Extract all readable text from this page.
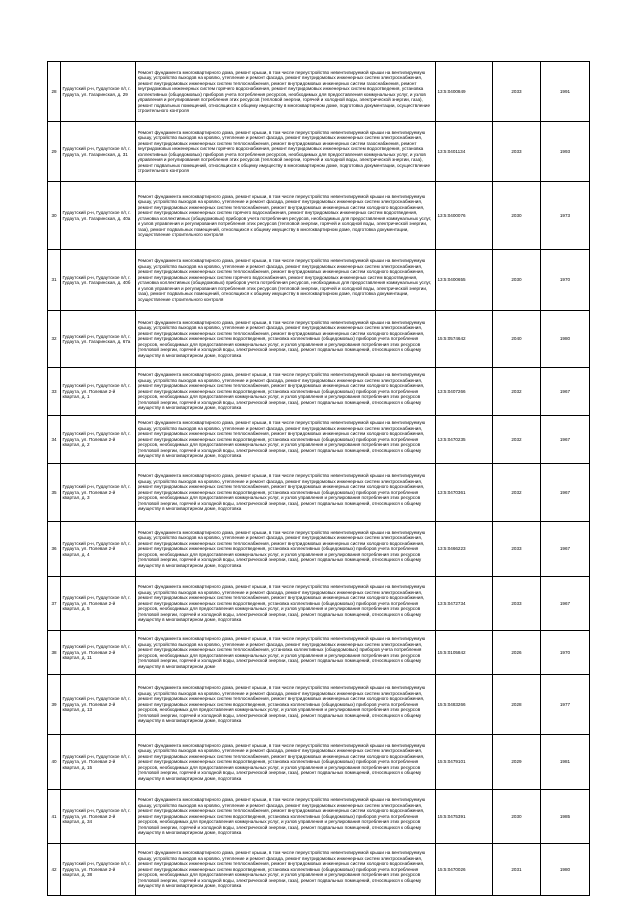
28	Гудаутский р-н, Гудаутское п/г, г. Гудаута, ул. Гагаринская, д. 29	Ремонт фундамента многоквартирного дома, ремонт крыши, в том числе переустройство невентилируемой крыши на вентилируемую крышу, устройство выходов на кровлю, утепление и ремонт фасада, ремонт внутридомовых инженерных систем электроснабжения, ремонт внутридомовых инженерных систем теплоснабжения, ремонт внутридомовых инженерных систем газоснабжения, ремонт внутридомовых инженерных систем горячего водоснабжения, ремонт внутридомовых инженерных систем водоотведения, установка коллективных (общедомовых) приборов учета потребления ресурсов, необходимых для предоставления коммунальных услуг, и узлов управления и регулирования потребления этих ресурсов (тепловой энергии, горячей и холодной воды, электрической энергии, газа), ремонт подвальных помещений, относящихся к общему имуществу в многоквартирном доме, подготовка документации, осуществление строительного контроля	13:5:0400849	2033	1991

29	Гудаутский р-н, Гудаутское п/г, г. Гудаута, ул. Гагаринская, д. 31	Ремонт фундамента многоквартирного дома, ремонт крыши, в том числе переустройство невентилируемой крыши на вентилируемую крышу, устройство выходов на кровлю, утепление и ремонт фасада, ремонт внутридомовых инженерных систем электроснабжения, ремонт внутридомовых инженерных систем теплоснабжения, ремонт внутридомовых инженерных систем газоснабжения, ремонт внутридомовых инженерных систем горячего водоснабжения, ремонт внутридомовых инженерных систем водоотведения, установка коллективных (общедомовых) приборов учета потребления ресурсов, необходимых для предоставления коммунальных услуг, и узлов управления и регулирования потребления этих ресурсов (тепловой энергии, горячей и холодной воды, электрической энергии, газа), ремонт подвальных помещений, относящихся к общему имуществу в многоквартирном доме, подготовка документации, осуществление строительного контроля	13:5:0401134	2033	1993

30	Гудаутский р-н, Гудаутское п/г, г. Гудаута, ул. Гагаринская, д. 40а	Ремонт фундамента многоквартирного дома, ремонт крыши, в том числе переустройство невентилируемой крыши на вентилируемую крышу, устройство выходов на кровлю, утепление и ремонт фасада, ремонт внутридомовых инженерных систем электроснабжения, ремонт внутридомовых инженерных систем теплоснабжения, ремонт внутридомовых инженерных систем холодного водоснабжения, ремонт внутридомовых инженерных систем горячего водоснабжения, ремонт внутридомовых инженерных систем водоотведения, установка коллективных (общедомовых) приборов учета потребления ресурсов, необходимых для предоставления коммунальных услуг, и узлов управления и регулирования потребления этих ресурсов (тепловой энергии, горячей и холодной воды, электрической энергии, газа), ремонт подвальных помещений, относящихся к общему имуществу в многоквартирном доме, подготовка документации, осуществление строительного контроля	13:5:0400076	2030	1973

31	Гудаутский р-н, Гудаутское п/г, г. Гудаута, ул. Гагаринская, д. 40б	Ремонт фундамента многоквартирного дома, ремонт крыши, в том числе переустройство невентилируемой крыши на вентилируемую крышу, устройство выходов на кровлю, утепление и ремонт фасада, ремонт внутридомовых инженерных систем электроснабжения, ремонт внутридомовых инженерных систем теплоснабжения, ремонт внутридомовых инженерных систем холодного водоснабжения, ремонт внутридомовых инженерных систем горячего водоснабжения, ремонт внутридомовых инженерных систем водоотведения, установка коллективных (общедомовых) приборов учета потребления ресурсов, необходимых для предоставления коммунальных услуг, и узлов управления и регулирования потребления этих ресурсов (тепловой энергии, горячей и холодной воды, электрической энергии, газа), ремонт подвальных помещений, относящихся к общему имуществу в многоквартирном доме, подготовка документации, осуществление строительного контроля	13:5:0400655	2030	1970

32	Гудаутский р-н, Гудаутское п/г, г. Гудаута, ул. Гагаринская, д. 67а	Ремонт фундамента многоквартирного дома, ремонт крыши, в том числе переустройство невентилируемой крыши на вентилируемую крышу, устройство выходов на кровлю, утепление и ремонт фасада, ремонт внутридомовых инженерных систем электроснабжения, ремонт внутридомовых инженерных систем теплоснабжения, ремонт внутридомовых инженерных систем холодного водоснабжения, ремонт внутридомовых инженерных систем водоотведения, установка коллективных (общедомовых) приборов учета потребления ресурсов, необходимых для предоставления коммунальных услуг, и узлов управления и регулирования потребления этих ресурсов (тепловой энергии, горячей и холодной воды, электрической энергии, газа), ремонт подвальных помещений, относящихся к общему имуществу в многоквартирном доме, подготовка	15:5:0574642	2040	1980

33	Гудаутский р-н, Гудаутское п/г, г. Гудаута, ул. Полевая 2-й квартал, д. 1	Ремонт фундамента многоквартирного дома, ремонт крыши, в том числе переустройство невентилируемой крыши на вентилируемую крышу, устройство выходов на кровлю, утепление и ремонт фасада, ремонт внутридомовых инженерных систем электроснабжения, ремонт внутридомовых инженерных систем теплоснабжения, ремонт внутридомовых инженерных систем холодного водоснабжения, ремонт внутридомовых инженерных систем водоотведения, установка коллективных (общедомовых) приборов учета потребления ресурсов, необходимых для предоставления коммунальных услуг, и узлов управления и регулирования потребления этих ресурсов (тепловой энергии, горячей и холодной воды, электрической энергии, газа), ремонт подвальных помещений, относящихся к общему имуществу в многоквартирном доме, подготовка	13:5:0407266	2032	1967

34	Гудаутский р-н, Гудаутское п/г, г. Гудаута, ул. Полевая 2-й квартал, д. 2	Ремонт фундамента многоквартирного дома, ремонт крыши, в том числе переустройство невентилируемой крыши на вентилируемую крышу, устройство выходов на кровлю, утепление и ремонт фасада, ремонт внутридомовых инженерных систем электроснабжения, ремонт внутридомовых инженерных систем теплоснабжения, ремонт внутридомовых инженерных систем холодного водоснабжения, ремонт внутридомовых инженерных систем водоотведения, установка коллективных (общедомовых) приборов учета потребления ресурсов, необходимых для предоставления коммунальных услуг, и узлов управления и регулирования потребления этих ресурсов (тепловой энергии, горячей и холодной воды, электрической энергии, газа), ремонт подвальных помещений, относящихся к общему имуществу в многоквартирном доме, подготовка	13:5:0470235	2032	1967

35	Гудаутский р-н, Гудаутское п/г, г. Гудаута, ул. Полевая 2-й квартал, д. 3	Ремонт фундамента многоквартирного дома, ремонт крыши, в том числе переустройство невентилируемой крыши на вентилируемую крышу, устройство выходов на кровлю, утепление и ремонт фасада, ремонт внутридомовых инженерных систем электроснабжения, ремонт внутридомовых инженерных систем теплоснабжения, ремонт внутридомовых инженерных систем холодного водоснабжения, ремонт внутридомовых инженерных систем водоотведения, установка коллективных (общедомовых) приборов учета потребления ресурсов, необходимых для предоставления коммунальных услуг, и узлов управления и регулирования потребления этих ресурсов (тепловой энергии, горячей и холодной воды, электрической энергии, газа), ремонт подвальных помещений, относящихся к общему имуществу в многоквартирном доме, подготовка	13:5:0470361	2032	1967

36	Гудаутский р-н, Гудаутское п/г, г. Гудаута, ул. Полевая 2-й квартал, д. 4	Ремонт фундамента многоквартирного дома, ремонт крыши, в том числе переустройство невентилируемой крыши на вентилируемую крышу, устройство выходов на кровлю, утепление и ремонт фасада, ремонт внутридомовых инженерных систем электроснабжения, ремонт внутридомовых инженерных систем теплоснабжения, ремонт внутридомовых инженерных систем холодного водоснабжения, ремонт внутридомовых инженерных систем водоотведения, установка коллективных (общедомовых) приборов учета потребления ресурсов, необходимых для предоставления коммунальных услуг, и узлов управления и регулирования потребления этих ресурсов (тепловой энергии, горячей и холодной воды, электрической энергии, газа), ремонт подвальных помещений, относящихся к общему имуществу в многоквартирном доме, подготовка	13:5:0466223	2033	1967

37	Гудаутский р-н, Гудаутское п/г, г. Гудаута, ул. Полевая 2-й квартал, д. 5	Ремонт фундамента многоквартирного дома, ремонт крыши, в том числе переустройство невентилируемой крыши на вентилируемую крышу, устройство выходов на кровлю, утепление и ремонт фасада, ремонт внутридомовых инженерных систем электроснабжения, ремонт внутридомовых инженерных систем теплоснабжения, ремонт внутридомовых инженерных систем холодного водоснабжения, ремонт внутридомовых инженерных систем водоотведения, установка коллективных (общедомовых) приборов учета потребления ресурсов, необходимых для предоставления коммунальных услуг, и узлов управления и регулирования потребления этих ресурсов (тепловой энергии, горячей и холодной воды, электрической энергии, газа), ремонт подвальных помещений, относящихся к общему имуществу в многоквартирном доме, подготовка	13:5:0472734	2033	1967

38	Гудаутский р-н, Гудаутское п/г, г. Гудаута, ул. Полевая 2-й квартал, д. 11	Ремонт фундамента многоквартирного дома, ремонт крыши, в том числе переустройство невентилируемой крыши на вентилируемую крышу, устройство выходов на кровлю, утепление и ремонт фасада, ремонт внутридомовых инженерных систем электроснабжения, ремонт внутридомовых инженерных систем теплоснабжения, установка коллективных (общедомовых) приборов учета потребления ресурсов, необходимых для предоставления коммунальных услуг, и узлов управления и регулирования потребления этих ресурсов (тепловой энергии, горячей и холодной воды, электрической энергии, газа), ремонт подвальных помещений, относящихся к общему имуществу в многоквартирном доме	15:5:0105842	2026	1970

39	Гудаутский р-н, Гудаутское п/г, г. Гудаута, ул. Полевая 2-й квартал, д. 13	Ремонт фундамента многоквартирного дома, ремонт крыши, в том числе переустройство невентилируемой крыши на вентилируемую крышу, устройство выходов на кровлю, утепление и ремонт фасада, ремонт внутридомовых инженерных систем электроснабжения, ремонт внутридомовых инженерных систем теплоснабжения, ремонт внутридомовых инженерных систем холодного водоснабжения, ремонт внутридомовых инженерных систем водоотведения, установка коллективных (общедомовых) приборов учета потребления ресурсов, необходимых для предоставления коммунальных услуг, и узлов управления и регулирования потребления этих ресурсов (тепловой энергии, горячей и холодной воды, электрической энергии, газа), ремонт подвальных помещений, относящихся к общему имуществу в многоквартирном доме, подготовка	15:5:0483266	2028	1977

40	Гудаутский р-н, Гудаутское п/г, г. Гудаута, ул. Полевая 2-й квартал, д. 15	Ремонт фундамента многоквартирного дома, ремонт крыши, в том числе переустройство невентилируемой крыши на вентилируемую крышу, устройство выходов на кровлю, утепление и ремонт фасада, ремонт внутридомовых инженерных систем электроснабжения, ремонт внутридомовых инженерных систем теплоснабжения, ремонт внутридомовых инженерных систем холодного водоснабжения, ремонт внутридомовых инженерных систем водоотведения, установка коллективных (общедомовых) приборов учета потребления ресурсов, необходимых для предоставления коммунальных услуг, и узлов управления и регулирования потребления этих ресурсов (тепловой энергии, горячей и холодной воды, электрической энергии, газа), ремонт подвальных помещений, относящихся к общему имуществу в многоквартирном доме, подготовка	15:5:0479101	2029	1981

41	Гудаутский р-н, Гудаутское п/г, г. Гудаута, ул. Полевая 2-й квартал, д. 34	Ремонт фундамента многоквартирного дома, ремонт крыши, в том числе переустройство невентилируемой крыши на вентилируемую крышу, устройство выходов на кровлю, утепление и ремонт фасада, ремонт внутридомовых инженерных систем электроснабжения, ремонт внутридомовых инженерных систем теплоснабжения, ремонт внутридомовых инженерных систем холодного водоснабжения, ремонт внутридомовых инженерных систем водоотведения, установка коллективных (общедомовых) приборов учета потребления ресурсов, необходимых для предоставления коммунальных услуг, и узлов управления и регулирования потребления этих ресурсов (тепловой энергии, горячей и холодной воды, электрической энергии, газа), ремонт подвальных помещений, относящихся к общему имуществу в многоквартирном доме, подготовка	15:5:0475391	2030	1985

42	Гудаутский р-н, Гудаутское п/г, г. Гудаута, ул. Полевая 2-й квартал, д. 38	Ремонт фундамента многоквартирного дома, ремонт крыши, в том числе переустройство невентилируемой крыши на вентилируемую крышу, устройство выходов на кровлю, утепление и ремонт фасада, ремонт внутридомовых инженерных систем электроснабжения, ремонт внутридомовых инженерных систем теплоснабжения, ремонт внутридомовых инженерных систем холодного водоснабжения, ремонт внутридомовых инженерных систем водоотведения, установка коллективных (общедомовых) приборов учета потребления ресурсов, необходимых для предоставления коммунальных услуг, и узлов управления и регулирования потребления этих ресурсов (тепловой энергии, горячей и холодной воды, электрической энергии, газа), ремонт подвальных помещений, относящихся к общему имуществу в многоквартирном доме, подготовка	15:5:0470026	2031	1980
